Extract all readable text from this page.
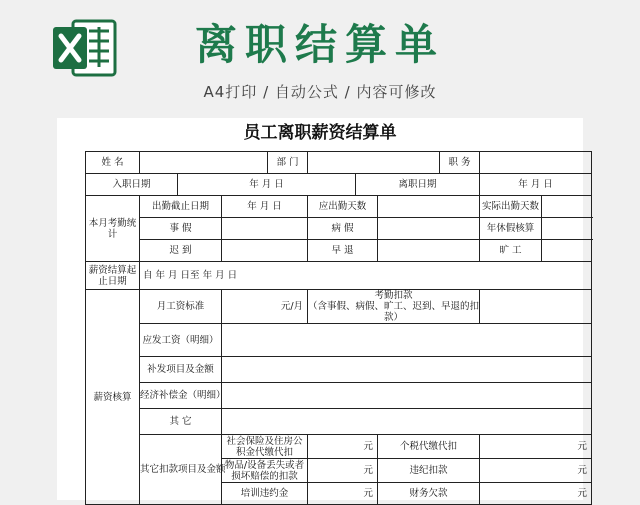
离职结算单
A4打印 / 自动公式 / 内容可修改
员工离职薪资结算单
姓 名				部 门				职 务		
入职日期		年 月 日				离职日期			年 月 日	
本月考勤统 计	出勤截止日期		年 月 日		应出勤天数				实际出勤天数	
	事 假				病 假				年休假核算	
	迟 到				早 退				旷 工	
薪资结算起止日期	自 年 月 日至 年 月 日									
薪资核算	月工资标准		元/月		考勤扣款
（含事假、病假、旷工、迟到、早退的扣款）					

	应发工资（明细）									
	补发项目及金额									
	经济补偿金（明细）									
	其 它									
	其它扣款项目及金额		社会保险及住房公积金代缴代扣		元		个税代缴代扣		元	
			物品/设备丢失或者损坏赔偿的扣款		元		违纪扣款		元	
			培训违约金		元		财务欠款		元	
